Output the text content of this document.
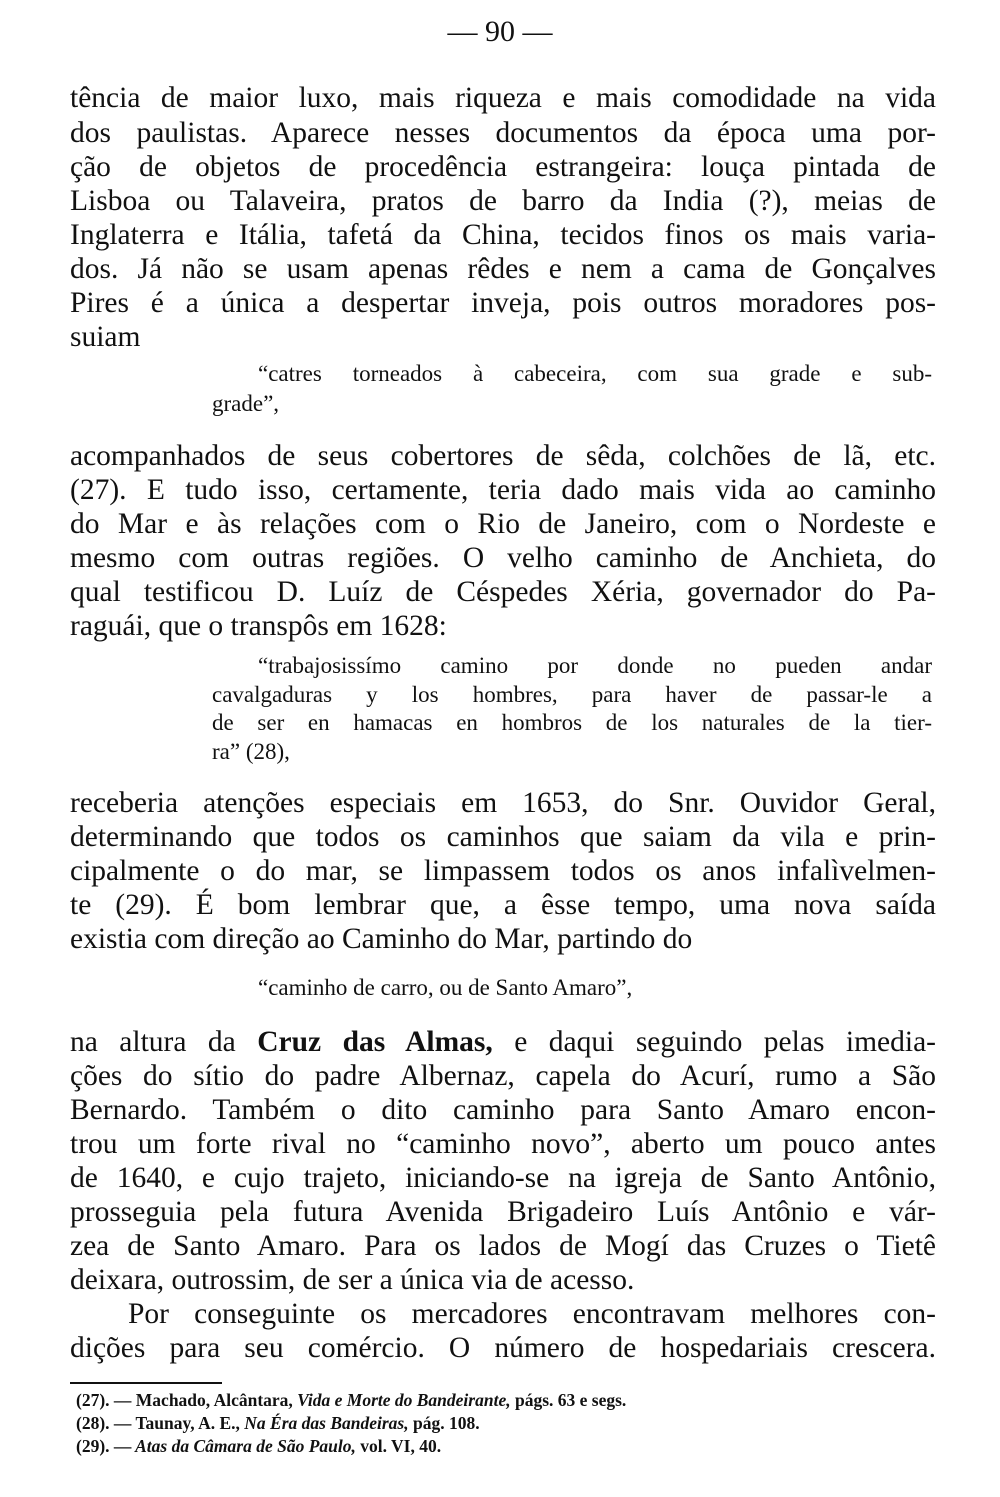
— 90 —
tência de maior luxo, mais riqueza e mais comodidade na vida
dos paulistas. Aparece nesses documentos da época uma por-
ção de objetos de procedência estrangeira: louça pintada de
Lisboa ou Talaveira, pratos de barro da India (?), meias de
Inglaterra e Itália, tafetá da China, tecidos finos os mais varia-
dos. Já não se usam apenas rêdes e nem a cama de Gonçalves
Pires é a única a despertar inveja, pois outros moradores pos-
suiam
“catres torneados à cabeceira, com sua grade e sub-
grade”,
acompanhados de seus cobertores de sêda, colchões de lã, etc.
(27). E tudo isso, certamente, teria dado mais vida ao caminho
do Mar e às relações com o Rio de Janeiro, com o Nordeste e
mesmo com outras regiões. O velho caminho de Anchieta, do
qual testificou D. Luíz de Céspedes Xéria, governador do Pa-
raguái, que o transpôs em 1628:
“trabajosissímo camino por donde no pueden andar
cavalgaduras y los hombres, para haver de passar-le a
de ser en hamacas en hombros de los naturales de la tier-
ra” (28),
receberia atenções especiais em 1653, do Snr. Ouvidor Geral,
determinando que todos os caminhos que saiam da vila e prin-
cipalmente o do mar, se limpassem todos os anos infalìvelmen-
te (29). É bom lembrar que, a êsse tempo, uma nova saída
existia com direção ao Caminho do Mar, partindo do
“caminho de carro, ou de Santo Amaro”,
na altura da Cruz das Almas, e daqui seguindo pelas imedia-
ções do sítio do padre Albernaz, capela do Acurí, rumo a São
Bernardo. Também o dito caminho para Santo Amaro encon-
trou um forte rival no “caminho novo”, aberto um pouco antes
de 1640, e cujo trajeto, iniciando-se na igreja de Santo Antônio,
prosseguia pela futura Avenida Brigadeiro Luís Antônio e vár-
zea de Santo Amaro. Para os lados de Mogí das Cruzes o Tietê
deixara, outrossim, de ser a única via de acesso.
Por conseguinte os mercadores encontravam melhores con-
dições para seu comércio. O número de hospedariais crescera.
(27). — Machado, Alcântara, Vida e Morte do Bandeirante, págs. 63 e segs.
(28). — Taunay, A. E., Na Éra das Bandeiras, pág. 108.
(29). — Atas da Câmara de São Paulo, vol. VI, 40.
